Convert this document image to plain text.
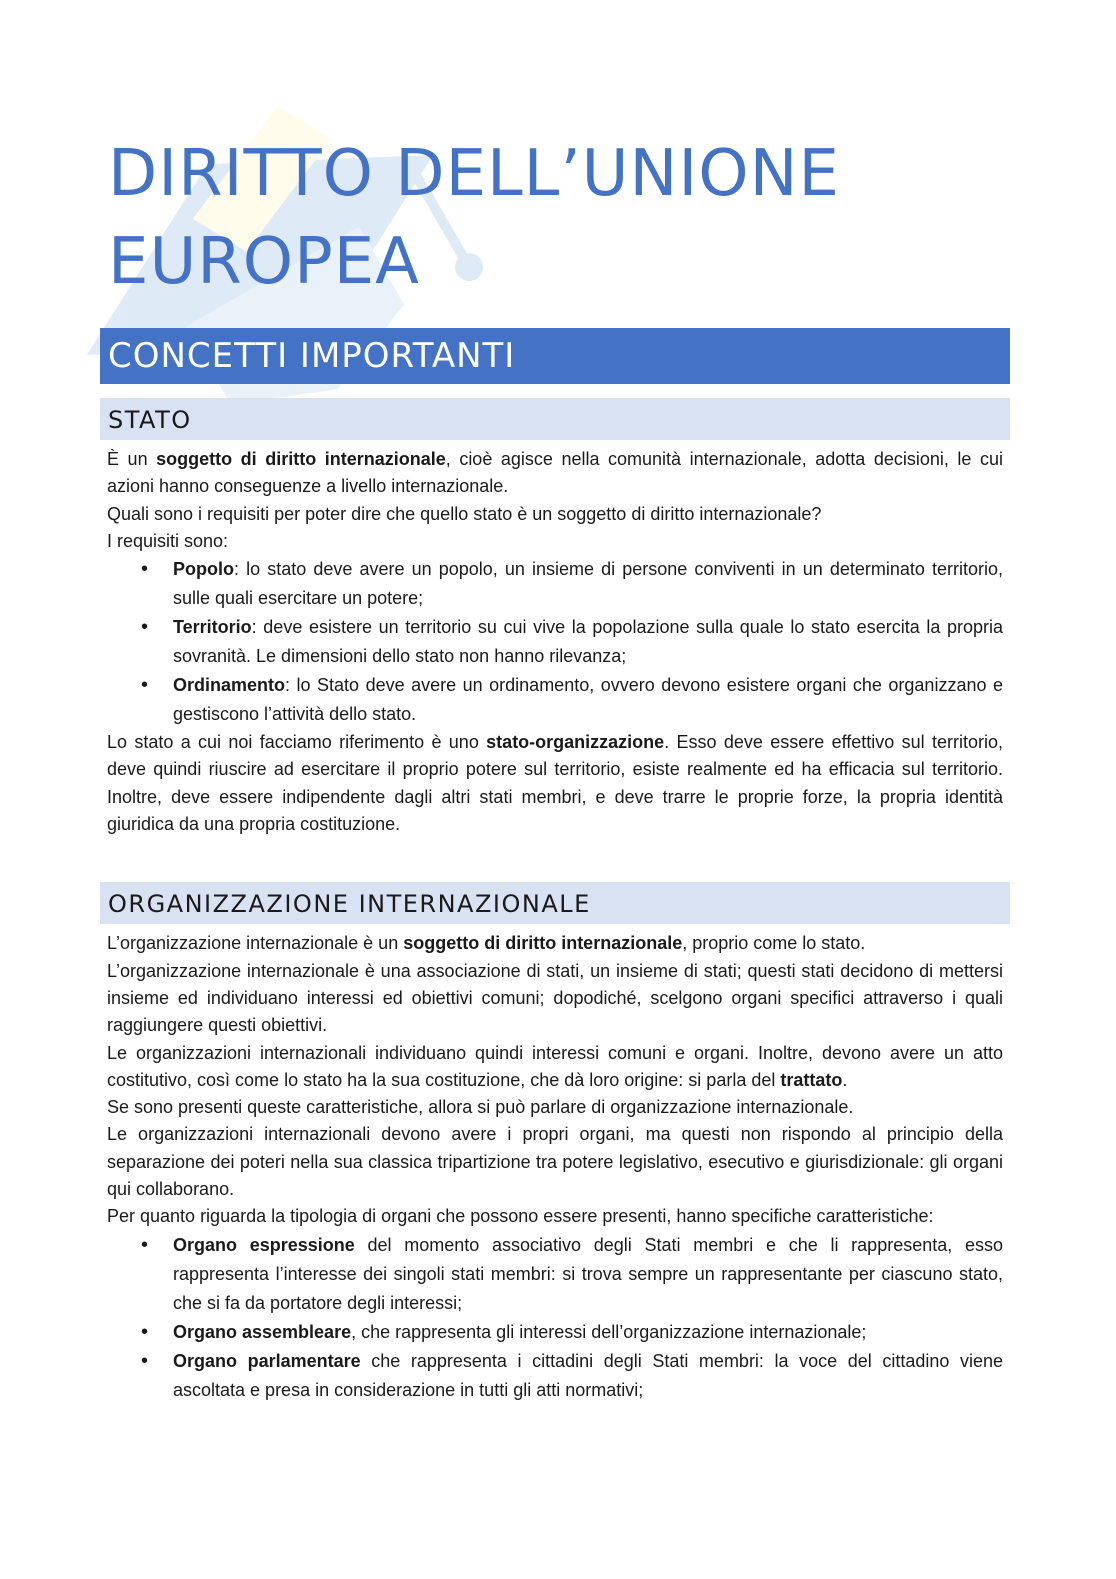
DIRITTO DELL’UNIONE
EUROPEA
CONCETTI IMPORTANTI
STATO

È un soggetto di diritto internazionale, cioè agisce nella comunità internazionale, adotta decisioni, le cui azioni hanno conseguenze a livello internazionale.

Quali sono i requisiti per poter dire che quello stato è un soggetto di diritto internazionale?

I requisiti sono:

• Popolo: lo stato deve avere un popolo, un insieme di persone conviventi in un determinato territorio, sulle quali esercitare un potere;
• Territorio: deve esistere un territorio su cui vive la popolazione sulla quale lo stato esercita la propria sovranità. Le dimensioni dello stato non hanno rilevanza;
• Ordinamento: lo Stato deve avere un ordinamento, ovvero devono esistere organi che organizzano e gestiscono l’attività dello stato.

Lo stato a cui noi facciamo riferimento è uno stato-organizzazione. Esso deve essere effettivo sul territorio, deve quindi riuscire ad esercitare il proprio potere sul territorio, esiste realmente ed ha efficacia sul territorio. Inoltre, deve essere indipendente dagli altri stati membri, e deve trarre le proprie forze, la propria identità giuridica da una propria costituzione.

ORGANIZZAZIONE INTERNAZIONALE

L’organizzazione internazionale è un soggetto di diritto internazionale, proprio come lo stato.

L’organizzazione internazionale è una associazione di stati, un insieme di stati; questi stati decidono di mettersi insieme ed individuano interessi ed obiettivi comuni; dopodiché, scelgono organi specifici attraverso i quali raggiungere questi obiettivi.

Le organizzazioni internazionali individuano quindi interessi comuni e organi. Inoltre, devono avere un atto costitutivo, così come lo stato ha la sua costituzione, che dà loro origine: si parla del trattato.

Se sono presenti queste caratteristiche, allora si può parlare di organizzazione internazionale.

Le organizzazioni internazionali devono avere i propri organi, ma questi non rispondo al principio della separazione dei poteri nella sua classica tripartizione tra potere legislativo, esecutivo e giurisdizionale: gli organi qui collaborano.

Per quanto riguarda la tipologia di organi che possono essere presenti, hanno specifiche caratteristiche:

• Organo espressione del momento associativo degli Stati membri e che li rappresenta, esso rappresenta l’interesse dei singoli stati membri: si trova sempre un rappresentante per ciascuno stato, che si fa da portatore degli interessi;
• Organo assembleare, che rappresenta gli interessi dell’organizzazione internazionale;
• Organo parlamentare che rappresenta i cittadini degli Stati membri: la voce del cittadino viene ascoltata e presa in considerazione in tutti gli atti normativi;
